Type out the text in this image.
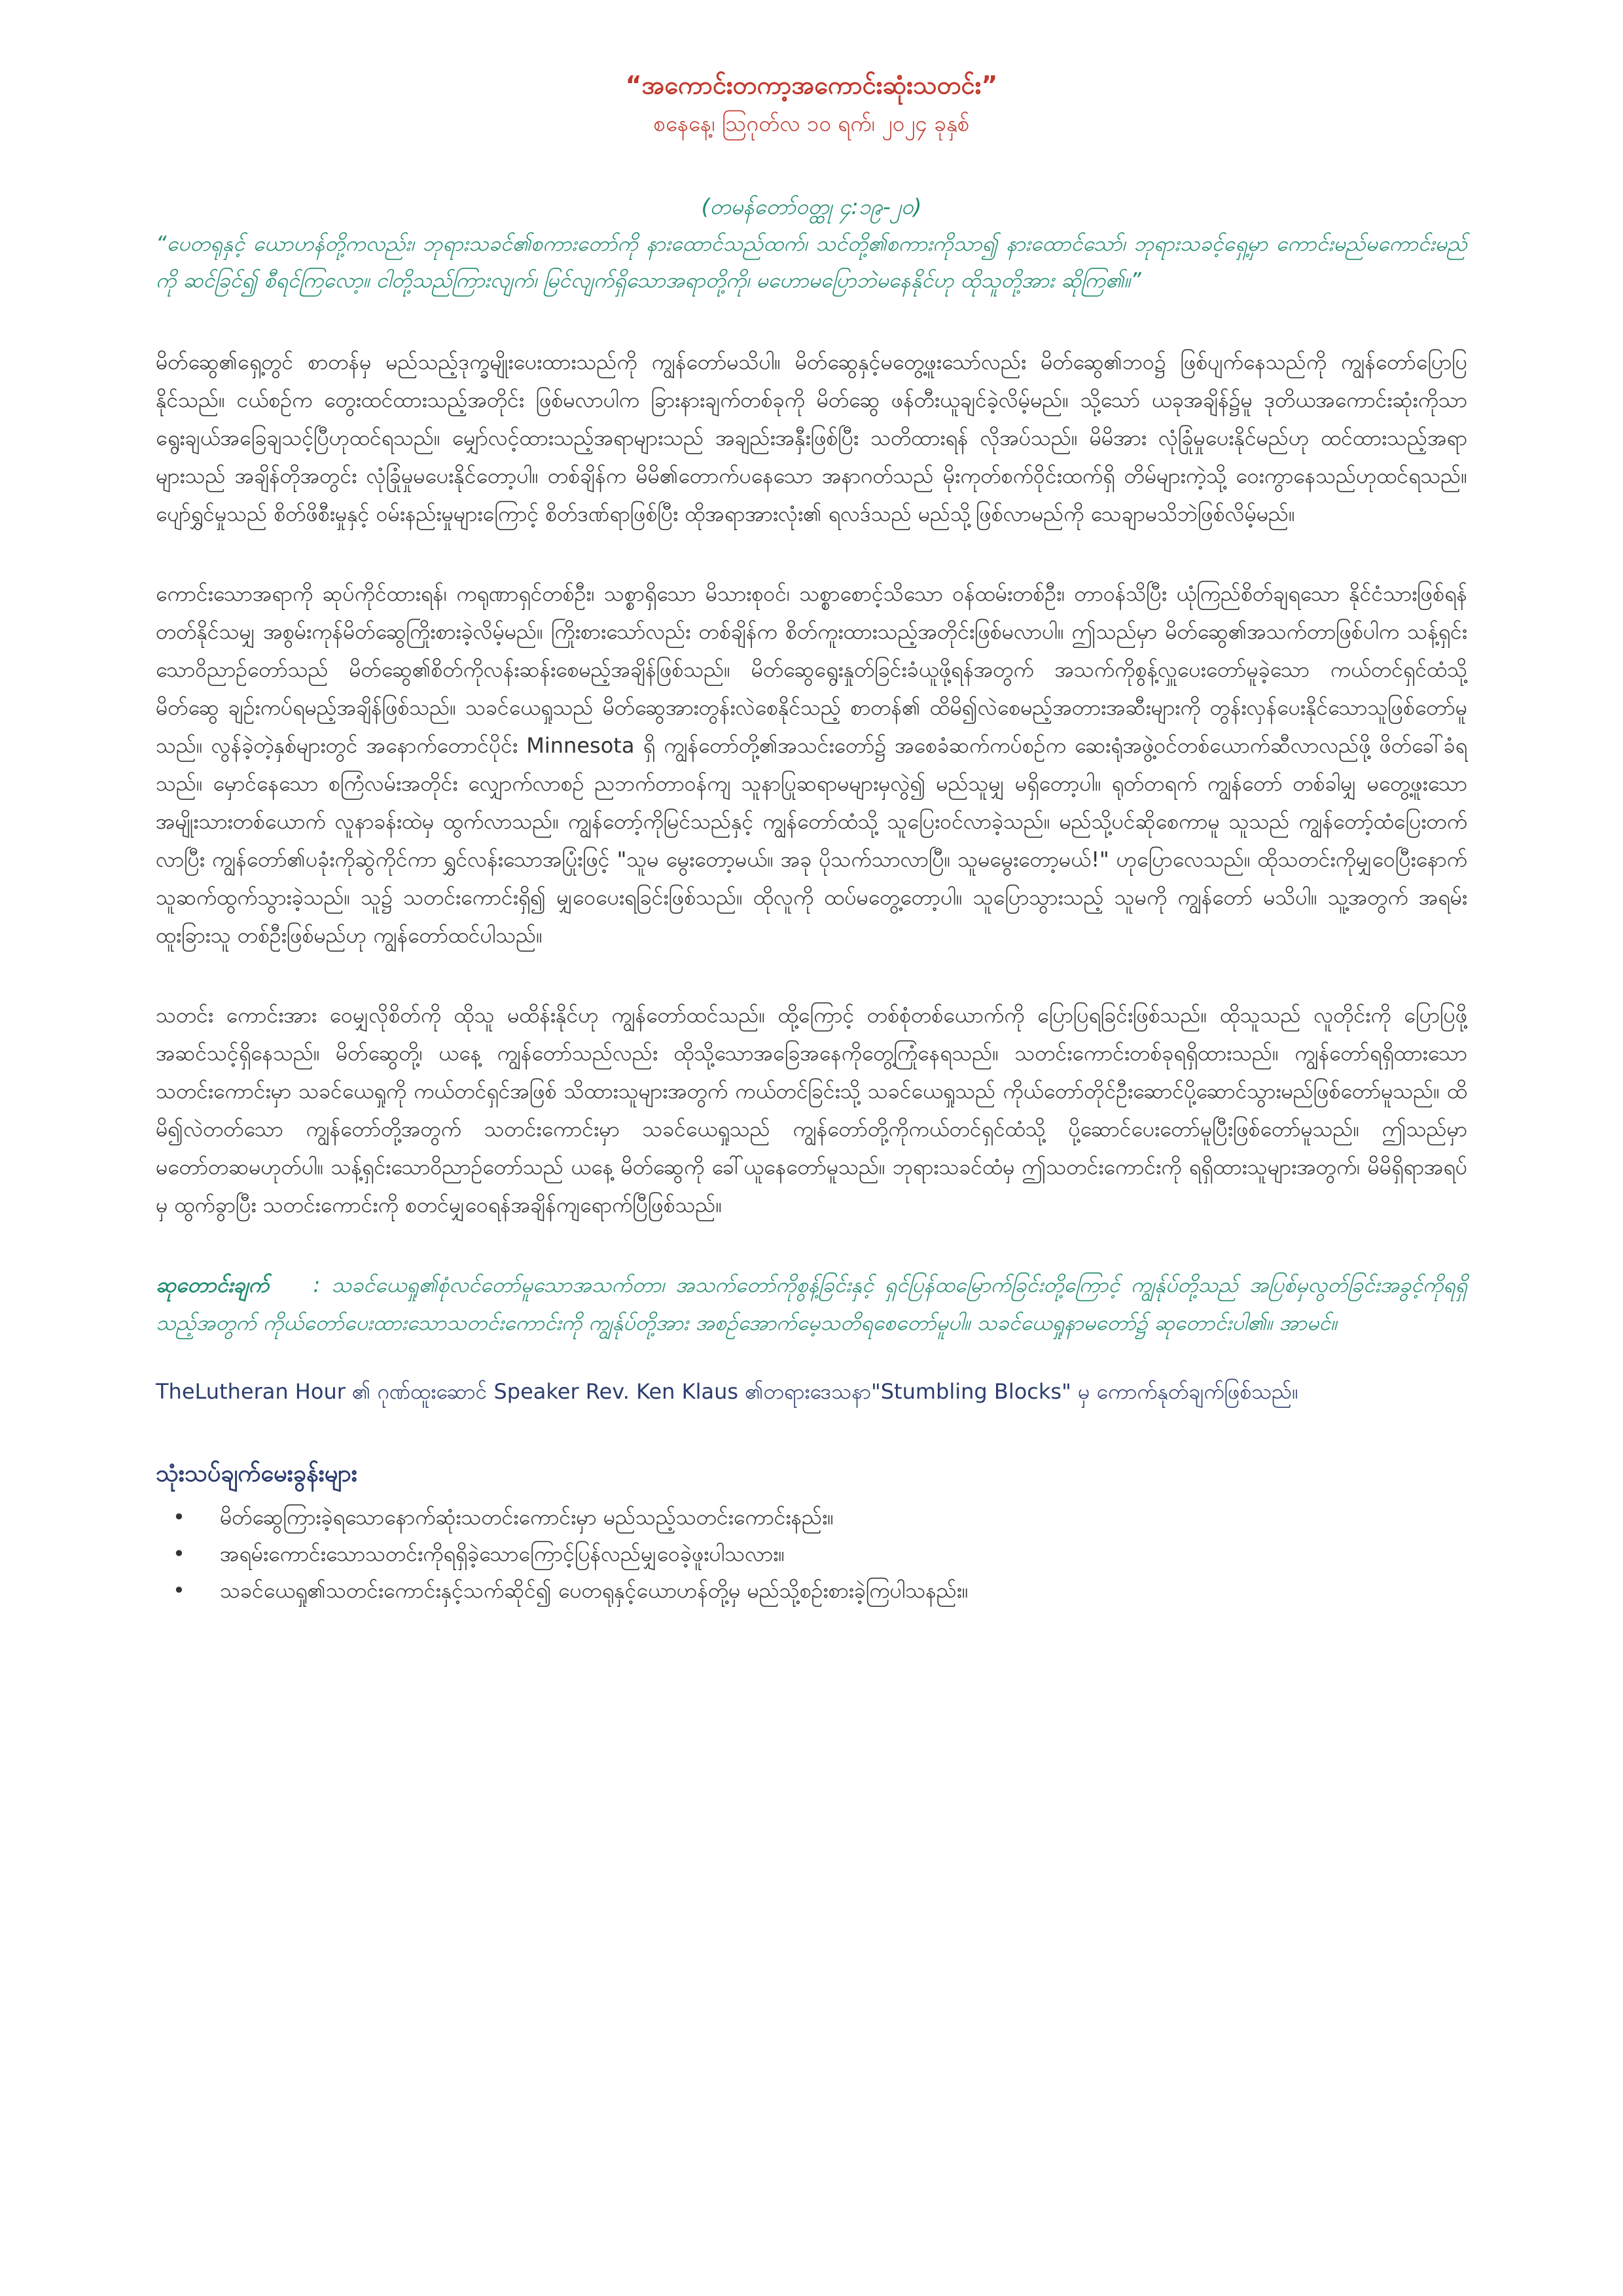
“အကောင်းတကာ့အကောင်းဆုံးသတင်း”

စနေနေ့၊ ဩဂုတ်လ ၁၀ ရက်၊ ၂၀၂၄ ခုနှစ်

(တမန်တော်ဝတ္ထု ၄:၁၉-၂၀)

“ပေတရုနှင့် ယောဟန်တို့ကလည်း၊ ဘုရားသခင်၏စကားတော်ကို နားထောင်သည်ထက်၊ သင်တို့၏စကားကိုသာ၍ နားထောင်သော်၊ ဘုရားသခင့်ရှေ့မှာ ကောင်းမည်မကောင်းမည်ကို ဆင်ခြင်၍ စီရင်ကြလော့။ ငါတို့သည်ကြားလျက်၊ မြင်လျက်ရှိသောအရာတို့ကို၊ မဟောမပြောဘဲမနေနိုင်ဟု ထိုသူတို့အား ဆိုကြ၏။”

မိတ်ဆွေ၏ရှေ့တွင် စာတန်မှ မည်သည့်ဒုက္ခမျိုးပေးထားသည်ကို ကျွန်တော်မသိပါ။ မိတ်ဆွေနှင့်မတွေ့ဖူးသော်လည်း မိတ်ဆွေ၏ဘဝ၌ ဖြစ်ပျက်နေသည်ကို ကျွန်တော်ပြောပြနိုင်သည်။ ငယ်စဉ်က တွေးထင်ထားသည့်အတိုင်း ဖြစ်မလာပါက ခြားနားချက်တစ်ခုကို မိတ်ဆွေ ဖန်တီးယူချင်ခဲ့လိမ့်မည်။ သို့သော် ယခုအချိန်၌မူ ဒုတိယအကောင်းဆုံးကိုသာ ရွေးချယ်အခြေချသင့်ပြီဟုထင်ရသည်။ မျှော်လင့်ထားသည့်အရာများသည် အချည်းအနှီးဖြစ်ပြီး သတိထားရန် လိုအပ်သည်။ မိမိအား လုံခြုံမှုပေးနိုင်မည်ဟု ထင်ထားသည့်အရာများသည် အချိန်တိုအတွင်း လုံခြုံမှုမပေးနိုင်တော့ပါ။ တစ်ချိန်က မိမိ၏တောက်ပနေသော အနာဂတ်သည် မိုးကုတ်စက်ဝိုင်းထက်ရှိ တိမ်များကဲ့သို့ ဝေးကွာနေသည်ဟုထင်ရသည်။ ပျော်ရွှင်မှုသည် စိတ်ဖိစီးမှုနှင့် ဝမ်းနည်းမှုများကြောင့် စိတ်ဒဏ်ရာဖြစ်ပြီး ထိုအရာအားလုံး၏ ရလဒ်သည် မည်သို့ဖြစ်လာမည်ကို သေချာမသိဘဲဖြစ်လိမ့်မည်။

ကောင်းသောအရာကို ဆုပ်ကိုင်ထားရန်၊ ကရုဏာရှင်တစ်ဦး၊ သစ္စာရှိသော မိသားစုဝင်၊ သစ္စာစောင့်သိသော ဝန်ထမ်းတစ်ဦး၊ တာဝန်သိပြီး ယုံကြည်စိတ်ချရသော နိုင်ငံသားဖြစ်ရန်တတ်နိုင်သမျှ အစွမ်းကုန်မိတ်ဆွေကြိုးစားခဲ့လိမ့်မည်။ ကြိုးစားသော်လည်း တစ်ချိန်က စိတ်ကူးထားသည့်အတိုင်းဖြစ်မလာပါ။ ဤသည်မှာ မိတ်ဆွေ၏အသက်တာဖြစ်ပါက သန့်ရှင်းသောဝိညာဉ်တော်သည် မိတ်ဆွေ၏စိတ်ကိုလန်းဆန်းစေမည့်အချိန်ဖြစ်သည်။ မိတ်ဆွေရွေးနှုတ်ခြင်းခံယူဖို့ရန်အတွက် အသက်ကိုစွန့်လှူပေးတော်မူခဲ့သော ကယ်တင်ရှင်ထံသို့ မိတ်ဆွေ ချဉ်းကပ်ရမည့်အချိန်ဖြစ်သည်။ သခင်ယေရှုသည် မိတ်ဆွေအားတွန်းလဲစေနိုင်သည့် စာတန်၏ ထိမိ၍လဲစေမည့်အတားအဆီးများကို တွန်းလှန်ပေးနိုင်သောသူဖြစ်တော်မူသည်။ လွန်ခဲ့တဲ့နှစ်များတွင် အနောက်တောင်ပိုင်း Minnesota ရှိ ကျွန်တော်တို့၏အသင်းတော်၌ အစေခံဆက်ကပ်စဉ်က ဆေးရုံအဖွဲ့ဝင်တစ်ယောက်ဆီလာလည်ဖို့ ဖိတ်ခေါ်ခံရသည်။ မှောင်နေသော စကြံလမ်းအတိုင်း လျှောက်လာစဉ် ညဘက်တာဝန်ကျ သူနာပြုဆရာမများမှလွဲ၍ မည်သူမျှ မရှိတော့ပါ။ ရုတ်တရက် ကျွန်တော် တစ်ခါမျှ မတွေ့ဖူးသောအမျိုးသားတစ်ယောက် လူနာခန်းထဲမှ ထွက်လာသည်။ ကျွန်တော့်ကိုမြင်သည်နှင့် ကျွန်တော်ထံသို့ သူပြေးဝင်လာခဲ့သည်။ မည်သို့ပင်ဆိုစေကာမူ သူသည် ကျွန်တော့်ထံပြေးတက်လာပြီး ကျွန်တော်၏ပခုံးကိုဆွဲကိုင်ကာ ရွှင်လန်းသောအပြုံးဖြင့် "သူမ မွေးတော့မယ်။ အခု ပိုသက်သာလာပြီ။ သူမမွေးတော့မယ်!" ဟုပြောလေသည်။ ထိုသတင်းကိုမျှဝေပြီးနောက် သူဆက်ထွက်သွားခဲ့သည်။ သူ၌ သတင်းကောင်းရှိ၍ မျှဝေပေးရခြင်းဖြစ်သည်။ ထိုလူကို ထပ်မတွေ့တော့ပါ။ သူပြောသွားသည့် သူမကို ကျွန်တော် မသိပါ။ သူ့အတွက် အရမ်းထူးခြားသူ တစ်ဦးဖြစ်မည်ဟု ကျွန်တော်ထင်ပါသည်။

သတင်း ကောင်းအား ဝေမျှလိုစိတ်ကို ထိုသူ မထိန်းနိုင်ဟု ကျွန်တော်ထင်သည်။ ထို့ကြောင့် တစ်စုံတစ်ယောက်ကို ပြောပြရခြင်းဖြစ်သည်။ ထိုသူသည် လူတိုင်းကို ပြောပြဖို့အဆင်သင့်ရှိနေသည်။ မိတ်ဆွေတို့၊ ယနေ့ ကျွန်တော်သည်လည်း ထိုသို့သောအခြေအနေကိုတွေ့ကြုံနေရသည်။ သတင်းကောင်းတစ်ခုရရှိထားသည်။ ကျွန်တော်ရရှိထားသောသတင်းကောင်းမှာ သခင်ယေရှုကို ကယ်တင်ရှင်အဖြစ် သိထားသူများအတွက် ကယ်တင်ခြင်းသို့ သခင်ယေရှုသည် ကိုယ်တော်တိုင်ဦးဆောင်ပို့ဆောင်သွားမည်ဖြစ်တော်မူသည်။ ထိမိ၍လဲတတ်သော ကျွန်တော်တို့အတွက် သတင်းကောင်းမှာ သခင်ယေရှုသည် ကျွန်တော်တို့ကိုကယ်တင်ရှင်ထံသို့ ပို့ဆောင်ပေးတော်မူပြီးဖြစ်တော်မူသည်။ ဤသည်မှာ မတော်တဆမဟုတ်ပါ။ သန့်ရှင်းသောဝိညာဉ်တော်သည် ယနေ့ မိတ်ဆွေကို ခေါ်ယူနေတော်မူသည်။ ဘုရားသခင်ထံမှ ဤသတင်းကောင်းကို ရရှိထားသူများအတွက်၊ မိမိရှိရာအရပ်မှ ထွက်ခွာပြီး သတင်းကောင်းကို စတင်မျှဝေရန်အချိန်ကျရောက်ပြီဖြစ်သည်။

ဆုတောင်းချက် : သခင်ယေရှု၏စုံလင်တော်မူသောအသက်တာ၊ အသက်တော်ကိုစွန့်ခြင်းနှင့် ရှင်ပြန်ထမြောက်ခြင်းတို့ကြောင့် ကျွန်ုပ်တို့သည် အပြစ်မှလွတ်ခြင်းအခွင့်ကိုရရှိသည့်အတွက် ကိုယ်တော်ပေးထားသောသတင်းကောင်းကို ကျွန်ုပ်တို့အား အစဉ်အောက်မေ့သတိရစေတော်မူပါ။ သခင်ယေရှုနာမတော်၌ ဆုတောင်းပါ၏။ အာမင်။

TheLutheran Hour ၏ ဂုဏ်ထူးဆောင် Speaker Rev. Ken Klaus ၏တရားဒေသနာ"Stumbling Blocks" မှ ကောက်နုတ်ချက်ဖြစ်သည်။

သုံးသပ်ချက်မေးခွန်းများ
• မိတ်ဆွေကြားခဲ့ရသောနောက်ဆုံးသတင်းကောင်းမှာ မည်သည့်သတင်းကောင်းနည်း။
• အရမ်းကောင်းသောသတင်းကိုရရှိခဲ့သောကြောင့်ပြန်လည်မျှဝေခဲ့ဖူးပါသလား။
• သခင်ယေရှု၏သတင်းကောင်းနှင့်သက်ဆိုင်၍ ပေတရုနှင့်ယောဟန်တို့မှ မည်သို့စဉ်းစားခဲ့ကြပါသနည်း။
